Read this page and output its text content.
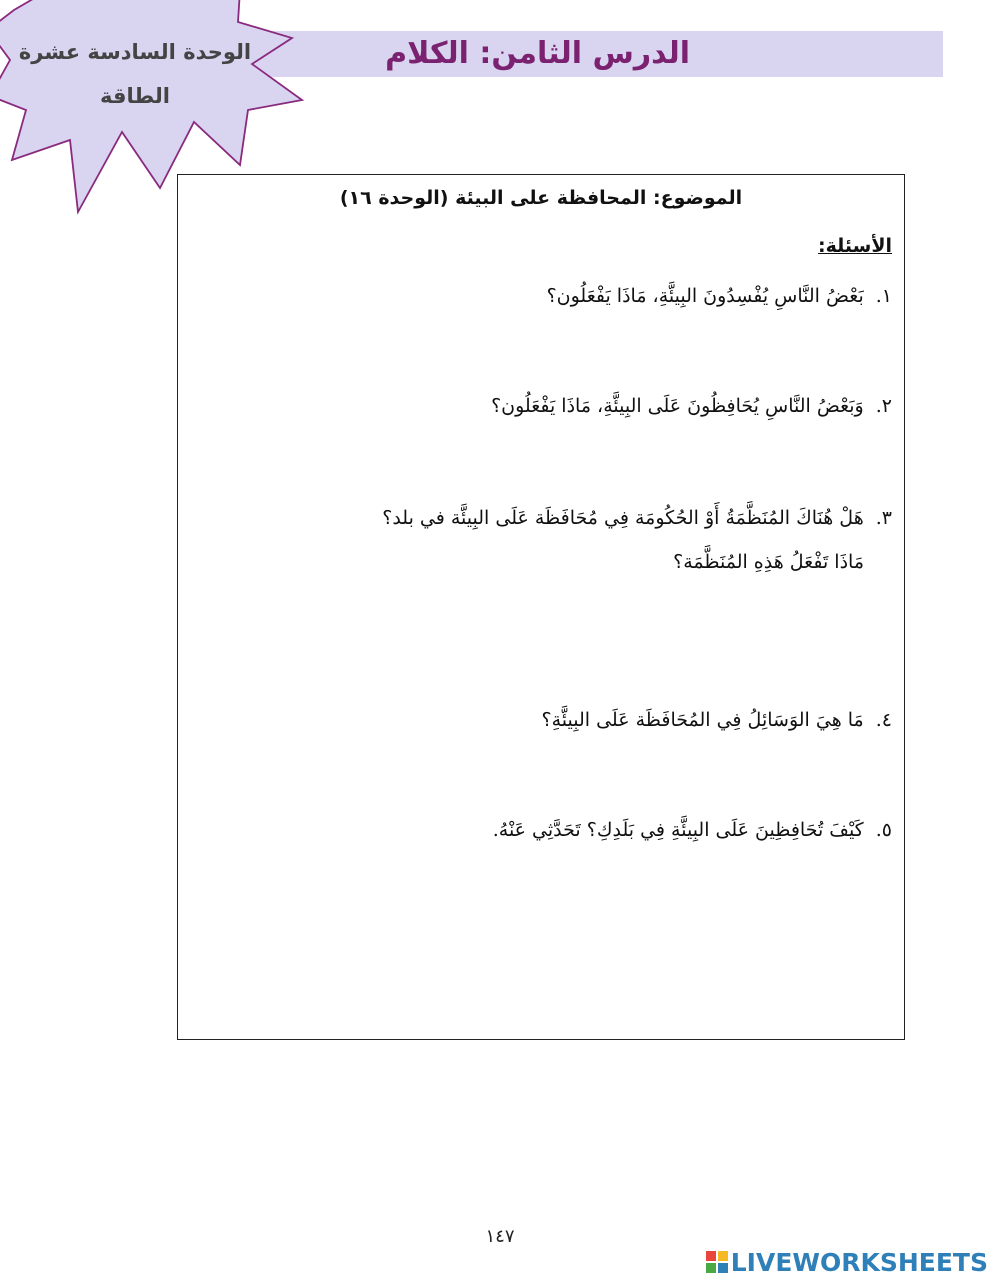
الدرس الثامن: الكلام
الوحدة السادسة عشرة
الطاقة
الموضوع: المحافظة على البيئة (الوحدة ١٦)
الأسئلة:
١.بَعْضُ النَّاسِ يُفْسِدُونَ البِيئَّةِ، مَاذَا يَفْعَلُون؟
٢.وَبَعْضُ النَّاسِ يُحَافِظُونَ عَلَى البِيئَّةِ، مَاذَا يَفْعَلُون؟
٣.هَلْ هُنَاكَ المُنَظَّمَةُ أَوْ الحُكُومَة فِي مُحَافَظَة عَلَى البِيئَّة في بلد؟
مَاذَا تَفْعَلُ هَذِهِ المُنَظَّمَة؟
٤.مَا هِيَ الوَسَائِلُ فِي المُحَافَظَة عَلَى البِيئَّةِ؟
٥.كَيْفَ تُحَافِظِينَ عَلَى البِيئَّةِ فِي بَلَدِكِ؟ تَحَدَّثِي عَنْهُ.
١٤٧
LIVEWORKSHEETS
